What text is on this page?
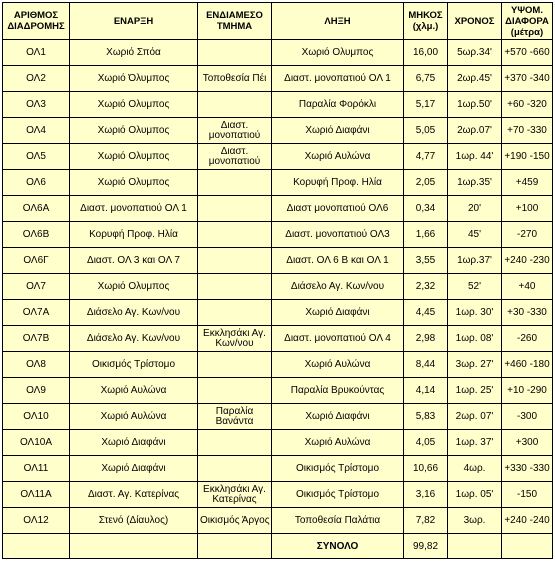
ΑΡΙΘΜΟΣ ΔΙΑΔΡΟΜΗΣ	ΕΝΑΡΞΗ	ΕΝΔΙΑΜΕΣΟ ΤΜΗΜΑ	ΛΗΞΗ	ΜΗΚΟΣ (χλμ.)	ΧΡΟΝΟΣ	ΥΨΟΜ. ΔΙΑΦΟΡΑ (μέτρα)
ΟΛ1	Χωριό Σπόα		Χωριό Ολυμπος	16,00	5ωρ.34'	+570 -660
ΟΛ2	Χωριό Όλυμπος	Τοποθεσία Πέι	Διαστ. μονοπατιού ΟΛ 1	6,75	2ωρ.45'	+370 -340
ΟΛ3	Χωριό Ολυμπος		Παραλία Φορόκλι	5,17	1ωρ.50'	+60 -320
ΟΛ4	Χωριό Ολυμπος	Διαστ. μονοπατιού	Χωριό Διαφάνι	5,05	2ωρ.07'	+70 -330
ΟΛ5	Χωριό Ολυμπος	Διαστ. μονοπατιού	Χωριό Αυλώνα	4,77	1ωρ. 44'	+190 -150
ΟΛ6	Χωριό Ολυμπος		Κορυφή Προφ. Ηλία	2,05	1ωρ.35'	+459
ΟΛ6Α	Διαστ. μονοπατιού ΟΛ 1		Διαστ μονοπατιού ΟΛ6	0,34	20'	+100
ΟΛ6Β	Κορυφή Προφ. Ηλία		Διαστ. μονοπατιού ΟΛ3	1,66	45'	-270
ΟΛ6Γ	Διαστ. ΟΛ 3 και ΟΛ 7		Διαστ. ΟΛ 6 Β και ΟΛ 1	3,55	1ωρ.37'	+240 -230
ΟΛ7	Χωριό Ολυμπος		Διάσελο Αγ. Κων/νου	2,32	52'	+40
ΟΛ7Α	Διάσελο Αγ. Κων/νου		Χωριό Διαφάνι	4,45	1ωρ. 30'	+30 -330
ΟΛ7Β	Διάσελο Αγ. Κων/νου	Εκκλησάκι Αγ. Κων/νου	Διαστ. μονοπατιού ΟΛ 4	2,98	1ωρ. 08'	-260
ΟΛ8	Οικισμός Τρίστομο		Χωριό Αυλώνα	8,44	3ωρ. 27'	+460 -180
ΟΛ9	Χωριό Αυλώνα		Παραλία Βρυκούντας	4,14	1ωρ. 25'	+10 -290
ΟΛ10	Χωριό Αυλώνα	Παραλία Βανάντα	Χωριό Διαφάνι	5,83	2ωρ. 07'	-300
ΟΛ10Α	Χωριό Διαφάνι		Χωριό Αυλώνα	4,05	1ωρ. 37'	+300
ΟΛ11	Χωριό Διαφάνι		Οικισμός Τρίστομο	10,66	4ωρ.	+330 -330
ΟΛ11Α	Διαστ. Αγ. Κατερίνας	Εκκλησάκι Αγ. Κατερίνας	Οικισμός Τρίστομο	3,16	1ωρ. 05'	-150
ΟΛ12	Στενό (Δίαυλος)	Οικισμός Άργος	Τοποθεσία Παλάτια	7,82	3ωρ.	+240 -240
			ΣΥΝΟΛΟ	99,82		
